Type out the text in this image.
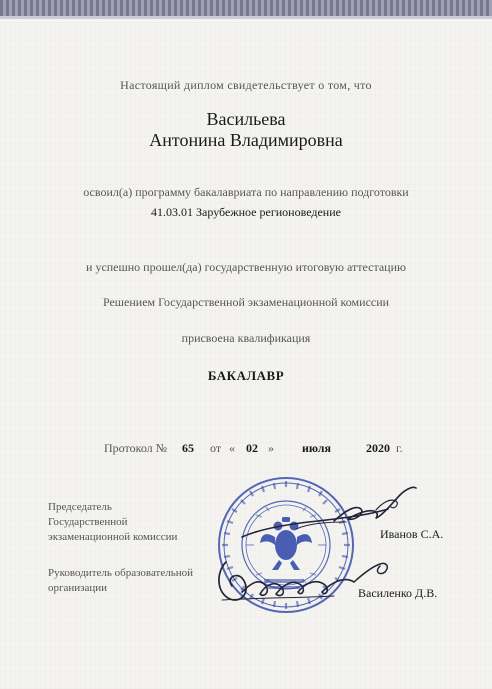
Настоящий диплом свидетельствует о том, что
Васильева
Антонина Владимировна
освоил(а) программу бакалавриата по направлению подготовки
41.03.01 Зарубежное регионоведение
и успешно прошел(да) государственную итоговую аттестацию
Решением Государственной экзаменационной комиссии
присвоена квалификация
БАКАЛАВР
Протокол № 65 от « 02 » июля	2020 г.
Председатель
Государственной
экзаменационной комиссии	Иванов С.А.
Руководитель образовательной
организации	Василенко Д.В.
